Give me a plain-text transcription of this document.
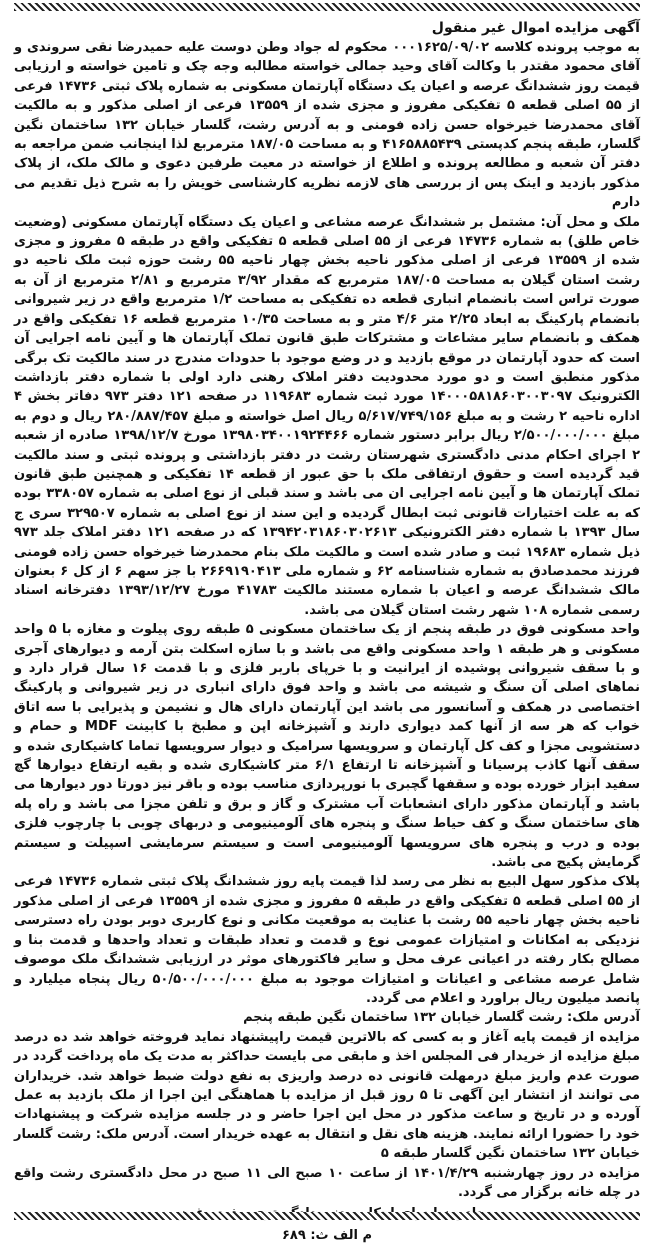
آگهی مزایده اموال غیر منقول

به موجب پرونده کلاسه ۰۰۰۱۶۲۵/۰۹/۰۲ محکوم له جواد وطن دوست علیه حمیدرضا نقی سروندی و آقای محمود مقتدر با وکالت آقای وحید جمالی خواسته مطالبه وجه چک و تامین خواسته و ارزیابی قیمت روز ششدانگ عرصه و اعیان یک دستگاه آپارتمان مسکونی به شماره پلاک ثبتی ۱۴۷۳۶ فرعی از ۵۵ اصلی قطعه ۵ تفکیکی مفروز و مجزی شده از ۱۳۵۵۹ فرعی از اصلی مذکور و به مالکیت آقای محمدرضا خیرخواه حسن زاده فومنی و به آدرس رشت، گلسار خیابان ۱۳۲ ساختمان نگین گلسار، طبقه پنجم کدپستی ۴۱۶۵۸۸۵۴۳۹ و به مساحت ۱۸۷/۰۵ مترمربع لذا اینجانب ضمن مراجعه به دفتر آن شعبه و مطالعه پرونده و اطلاع از خواسته در معیت طرفین دعوی و مالک ملک، از پلاک مذکور بازدید و اینک پس از بررسی های لازمه نظریه کارشناسی خویش را به شرح ذیل تقدیم می دارم

ملک و محل آن: مشتمل بر ششدانگ عرصه مشاعی و اعیان یک دستگاه آپارتمان مسکونی (وضعیت خاص طلق) به شماره ۱۴۷۳۶ فرعی از ۵۵ اصلی قطعه ۵ تفکیکی واقع در طبقه ۵ مفروز و مجزی شده از ۱۳۵۵۹ فرعی از اصلی مذکور ناحیه بخش چهار ناحیه ۵۵ رشت حوزه ثبت ملک ناحیه دو رشت استان گیلان به مساحت ۱۸۷/۰۵ مترمربع که مقدار ۳/۹۲ مترمربع و ۲/۸۱ مترمربع از آن به صورت تراس است بانضمام انباری قطعه ده تفکیکی به مساحت ۱/۲ مترمربع واقع در زیر شیروانی بانضمام پارکینگ به ابعاد ۲/۲۵ متر ۴/۶ متر و به مساحت ۱۰/۳۵ مترمربع قطعه ۱۶ تفکیکی واقع در همکف و بانضمام سایر مشاعات و مشترکات طبق قانون تملک آپارتمان ها و آیین نامه اجرایی آن است که حدود آپارتمان در موقع بازدید و در وضع موجود با حدودات مندرج در سند مالکیت تک برگی مذکور منطبق است و دو مورد محدودیت دفتر املاک رهنی دارد اولی با شماره دفتر بازداشت الکترونیک ۱۴۰۰۰۵۸۱۸۶۰۳۰۰۳۰۹۷ مورد ثبت شماره ۱۱۹۶۸۳ در صفحه ۱۲۱ دفتر ۹۷۳ دفاتر بخش ۴ اداره ناحیه ۲ رشت و به مبلغ ۵/۶۱۷/۷۴۹/۱۵۶ ریال اصل خواسته و مبلغ ۲۸۰/۸۸۷/۴۵۷ ریال و دوم به مبلغ ۲/۵۰۰/۰۰۰/۰۰۰ ریال برابر دستور شماره ۱۳۹۸۰۳۴۰۰۱۹۲۴۴۶۶ مورخ ۱۳۹۸/۱۲/۷ صادره از شعبه ۲ اجرای احکام مدنی دادگستری شهرستان رشت در دفتر بازداشتی و پرونده ثبتی و سند مالکیت قید گردیده است و حقوق ارتفاقی ملک با حق عبور از قطعه ۱۴ تفکیکی و همچنین طبق قانون تملک آپارتمان ها و آیین نامه اجرایی ان می باشد و سند قبلی از نوع اصلی به شماره ۳۳۸۰۵۷ بوده که به علت اختیارات قانونی ثبت ابطال گردیده و این سند از نوع اصلی به شماره ۳۲۹۵۰۷ سری ج سال ۱۳۹۳ با شماره دفتر الکترونیکی ۱۳۹۴۲۰۳۱۸۶۰۳۰۲۶۱۳ که در صفحه ۱۲۱ دفتر املاک جلد ۹۷۳ ذیل شماره ۱۹۶۸۳ ثبت و صادر شده است و مالکیت ملک بنام محمدرضا خیرخواه حسن زاده فومنی فرزند محمدصادق به شماره شناسنامه ۶۲ و شماره ملی ۲۶۶۹۱۹۰۴۱۳ با جز سهم ۶ از کل ۶ بعنوان مالک ششدانگ عرصه و اعیان با شماره مستند مالکیت ۴۱۷۸۳ مورخ ۱۳۹۳/۱۲/۲۷ دفترخانه اسناد رسمی شماره ۱۰۸ شهر رشت استان گیلان می باشد.

واحد مسکونی فوق در طبقه پنجم از یک ساختمان مسکونی ۵ طبقه روی پیلوت و مغازه با ۵ واحد مسکونی و هر طبقه ۱ واحد مسکونی واقع می باشد و با سازه اسکلت بتن آرمه و دیوارهای آجری و با سقف شیروانی پوشیده از ایرانیت و با خرپای باربر فلزی و با قدمت ۱۶ سال قرار دارد و نماهای اصلی آن سنگ و شیشه می باشد و واحد فوق دارای انباری در زیر شیروانی و پارکینگ اختصاصی در همکف و آسانسور می باشد این آپارتمان دارای هال و نشیمن و پذیرایی با سه اتاق خواب که هر سه از آنها کمد دیواری دارند و آشپزخانه اپن و مطبخ با کابینت MDF و حمام و دستشویی مجزا و کف کل آپارتمان و سرویسها سرامیک و دیوار سرویسها تماما کاشیکاری شده و سقف آنها کاذب پرسیانا و آشپزخانه تا ارتفاع ۶/۱ متر کاشیکاری شده و بقیه ارتفاع دیوارها گچ سفید ابزار خورده بوده و سقفها گچبری با نورپردازی مناسب بوده و باقر نیز دورتا دور دیوارها می باشد و آپارتمان مذکور دارای انشعابات آب مشترک و گاز و برق و تلفن مجزا می باشد و راه پله های ساختمان سنگ و کف حیاط سنگ و پنجره های آلومینیومی و دربهای چوبی با چارچوب فلزی بوده و درب و پنجره های سرویسها آلومینیومی است و سیستم سرمایشی اسپیلت و سیستم گرمایش پکیج می باشد.

پلاک مذکور سهل البیع به نظر می رسد لذا قیمت پایه روز ششدانگ پلاک ثبتی شماره ۱۴۷۳۶ فرعی از ۵۵ اصلی قطعه ۵ تفکیکی واقع در طبقه ۵ مفروز و مجزی شده از ۱۳۵۵۹ فرعی از اصلی مذکور ناحیه بخش چهار ناحیه ۵۵ رشت با عنایت به موقعیت مکانی و نوع کاربری دوبر بودن راه دسترسی نزدیکی به امکانات و امتیازات عمومی نوع و قدمت و تعداد طبقات و تعداد واحدها و قدمت بنا و مصالح بکار رفته در اعیانی عرف محل و سایر فاکتورهای موثر در ارزیابی ششدانگ ملک موصوف شامل عرصه مشاعی و اعیانات و امتیازات موجود به مبلغ ۵۰/۵۰۰/۰۰۰/۰۰۰ ریال پنجاه میلیارد و پانصد میلیون ریال براورد و اعلام می گردد.

آدرس ملک: رشت گلسار خیابان ۱۳۲ ساختمان نگین طبقه پنجم

مزایده از قیمت پایه آغاز و به کسی که بالاترین قیمت راپیشنهاد نماید فروخته خواهد شد ده درصد مبلغ مزایده از خریدار فی المجلس اخذ و مابقی می بایست حداکثر به مدت یک ماه پرداخت گردد در صورت عدم واریز مبلغ درمهلت قانونی ده درصد واریزی به نفع دولت ضبط خواهد شد. خریداران می توانند از انتشار این آگهی تا ۵ روز قبل از مزایده با هماهنگی این اجرا از ملک بازدید به عمل آورده و در تاریخ و ساعت مذکور در محل این اجرا حاضر و در جلسه مزایده شرکت و پیشنهادات خود را حضورا ارائه نمایند. هزینه های نقل و انتقال به عهده خریدار است. آدرس ملک: رشت گلسار خیابان ۱۳۲ ساختمان نگین گلسار طبقه ۵

مزایده در روز چهارشنبه ۱۴۰۱/۴/۲۹ از ساعت ۱۰ صبح الی ۱۱ صبح در محل دادگستری رشت واقع در چله خانه برگزار می گردد.

م الف ث: ۶۸۹
